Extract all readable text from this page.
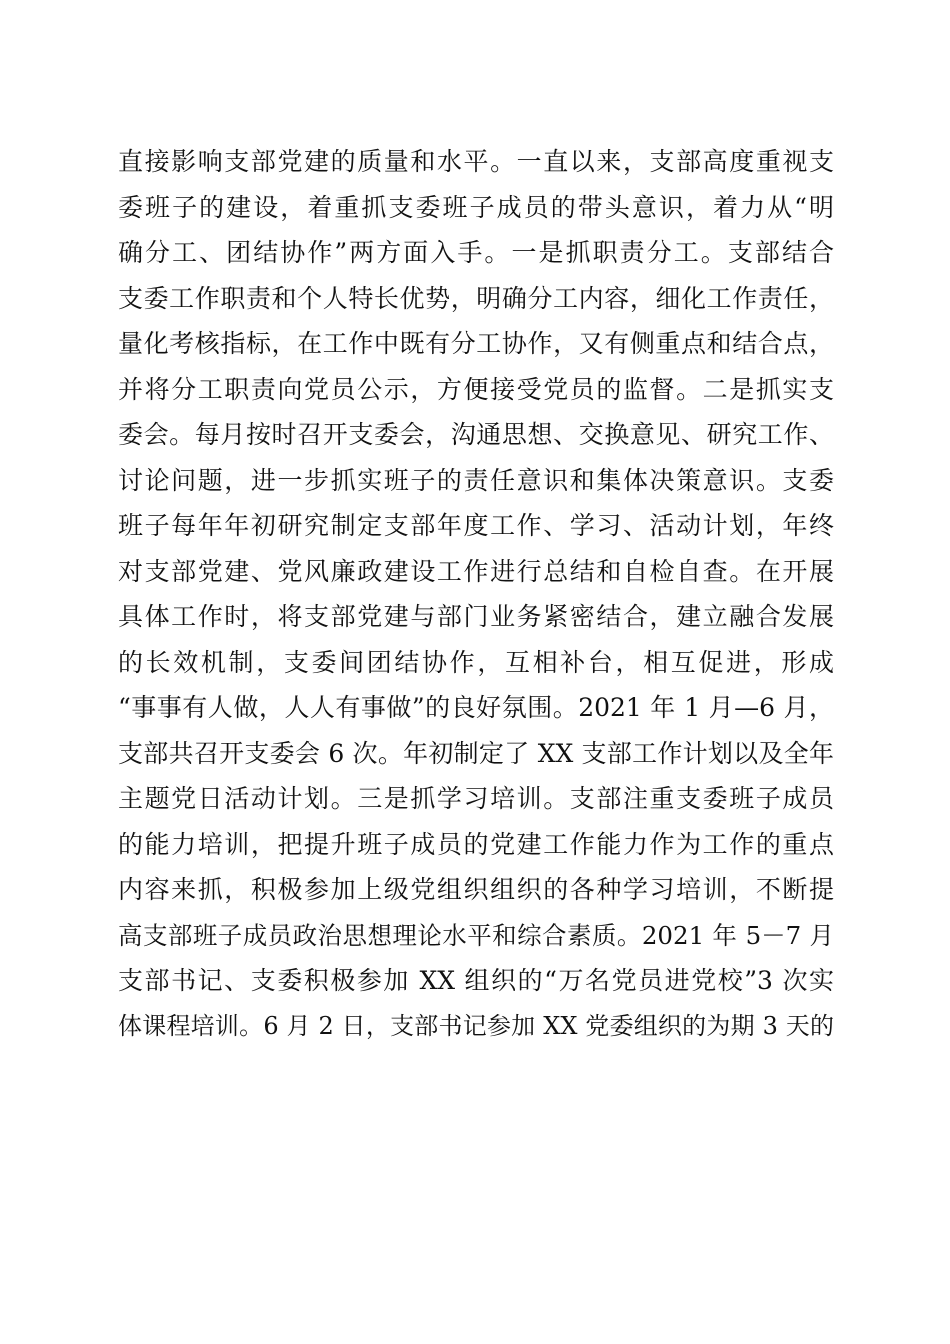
直接影响支部党建的质量和水平。一直以来，支部高度重视支
委班子的建设，着重抓支委班子成员的带头意识，着力从“明
确分工、团结协作”两方面入手。一是抓职责分工。支部结合
支委工作职责和个人特长优势，明确分工内容，细化工作责任，
量化考核指标，在工作中既有分工协作，又有侧重点和结合点，
并将分工职责向党员公示，方便接受党员的监督。二是抓实支
委会。每月按时召开支委会，沟通思想、交换意见、研究工作、
讨论问题，进一步抓实班子的责任意识和集体决策意识。支委
班子每年年初研究制定支部年度工作、学习、活动计划，年终
对支部党建、党风廉政建设工作进行总结和自检自查。在开展
具体工作时，将支部党建与部门业务紧密结合，建立融合发展
的长效机制，支委间团结协作，互相补台，相互促进，形成
“事事有人做，人人有事做”的良好氛围。2021 年 1 月—6 月，
支部共召开支委会 6 次。年初制定了 XX 支部工作计划以及全年
主题党日活动计划。三是抓学习培训。支部注重支委班子成员
的能力培训，把提升班子成员的党建工作能力作为工作的重点
内容来抓，积极参加上级党组织组织的各种学习培训，不断提
高支部班子成员政治思想理论水平和综合素质。2021 年 5－7 月
支部书记、支委积极参加 XX 组织的“万名党员进党校”3 次实
体课程培训。6 月 2 日，支部书记参加 XX 党委组织的为期 3 天的
